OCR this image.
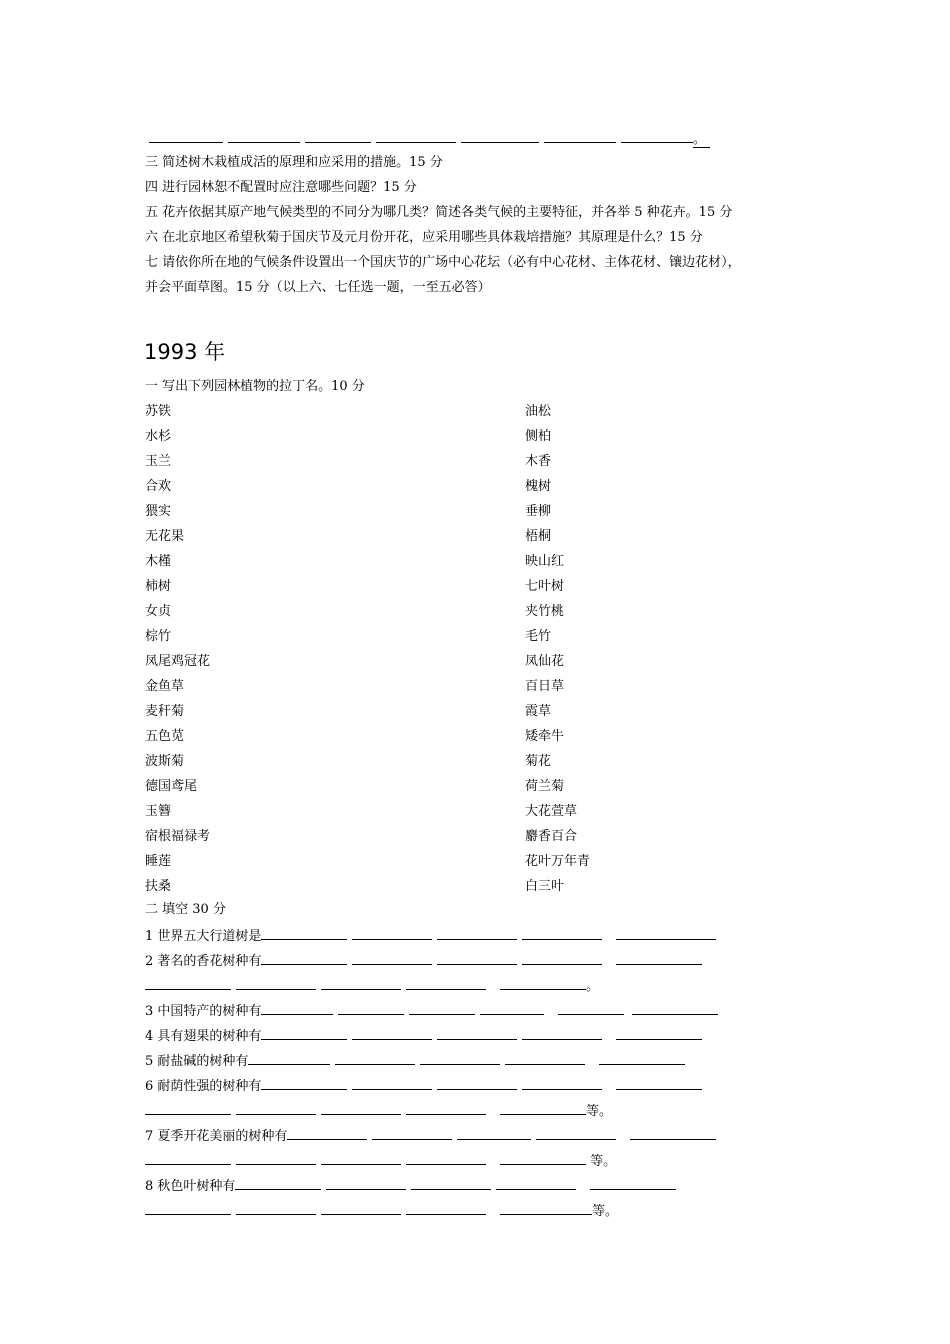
。
三 简述树木栽植成活的原理和应采用的措施。15 分
四 进行园林恕不配置时应注意哪些问题？15 分
五 花卉依据其原产地气候类型的不同分为哪几类？简述各类气候的主要特征，并各举 5 种花卉。15 分
六 在北京地区希望秋菊于国庆节及元月份开花，应采用哪些具体栽培措施？其原理是什么？15 分
七 请依你所在地的气候条件设置出一个国庆节的广场中心花坛（必有中心花材、主体花材、镶边花材），
并会平面草图。15 分（以上六、七任选一题，一至五必答）
1993 年
一 写出下列园林植物的拉丁名。10 分
苏铁
水杉
玉兰
合欢
猥实
无花果
木槿
柿树
女贞
棕竹
凤尾鸡冠花
金鱼草
麦秆菊
五色苋
波斯菊
德国鸢尾
玉簪
宿根福禄考
睡莲
扶桑
油松
侧柏
木香
槐树
垂柳
梧桐
映山红
七叶树
夹竹桃
毛竹
凤仙花
百日草
霞草
矮牵牛
菊花
荷兰菊
大花萱草
麝香百合
花叶万年青
白三叶
二 填空 30 分
1 世界五大行道树是
2 著名的香花树种有
。
3 中国特产的树种有
4 具有翅果的树种有
5 耐盐碱的树种有
6 耐荫性强的树种有
等。
7 夏季开花美丽的树种有
等。
8 秋色叶树种有
等。
